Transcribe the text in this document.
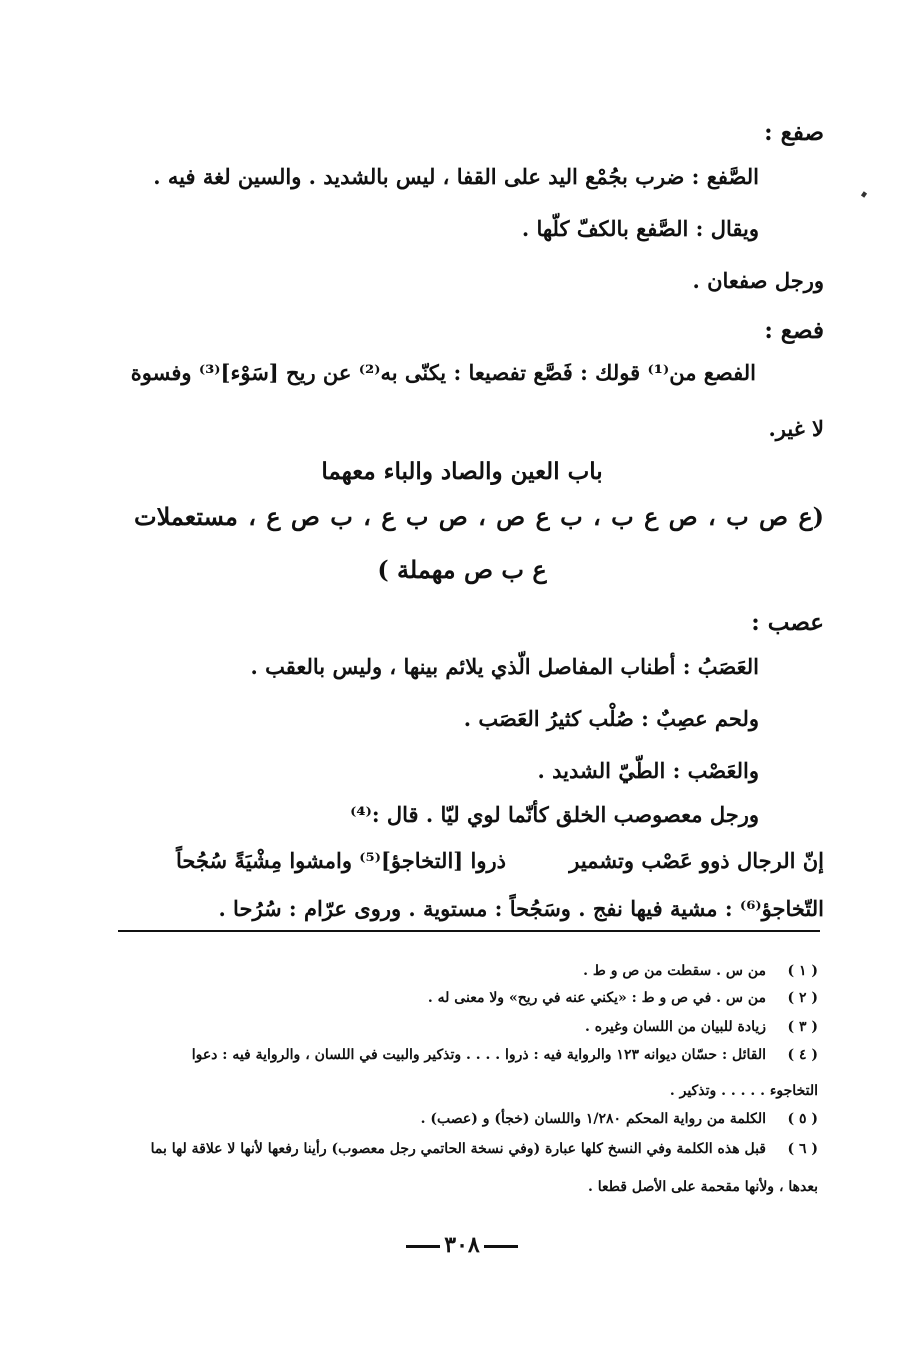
صفع :
الصَّفع : ضرب بجُمْع اليد على القفا ، ليس بالشديد . والسين لغة فيه .
ويقال : الصَّفع بالكفّ كلّها .
ورجل صفعان .
فصع :
الفصع من⁽¹⁾ قولك : فَصَّع تفصيعا : يكنّى به⁽²⁾ عن ريح [سَوْء]⁽³⁾ وفسوة
لا غير.
باب العين والصاد والباء معهما
(ع ص ب ، ص ع ب ، ب ع ص ، ص ب ع ، ب ص ع ، مستعملات
ع ب ص مهملة )
عصب :
العَصَبُ : أطناب المفاصل الّذي يلائم بينها ، وليس بالعقب .
ولحم عصِبٌ : صُلْب كثيرُ العَصَب .
والعَصْب : الطّيّ الشديد .
ورجل معصوصب الخلق كأنّما لوي ليّا . قال :⁽⁴⁾
إنّ الرجال ذوو عَصْب وتشمير
ذروا [التخاجؤ]⁽⁵⁾ وامشوا مِشْيَةً سُجُحاً
التّخاجؤ⁽⁶⁾ : مشية فيها نفج . وسَجُحاً : مستوية . وروى عرّام : سُرُحا .
( ١ )
من س . سقطت من ص و ط .
( ٢ )
من س . في ص و ط : «يكني عنه في ريح» ولا معنى له .
( ٣ )
زيادة للبيان من اللسان وغيره .
( ٤ )
القائل : حسّان ديوانه ١٢٣ والرواية فيه : ذروا . . . . وتذكير والبيت في اللسان ، والرواية فيه : دعوا
التخاجوء . . . . . وتذكير .
( ٥ )
الكلمة من رواية المحكم ١/٢٨٠ واللسان (خجأ) و (عصب) .
( ٦ )
قبل هذه الكلمة وفي النسخ كلها عبارة (وفي نسخة الحاتمي رجل معصوب) رأينا رفعها لأنها لا علاقة لها بما
بعدها ، ولأنها مقحمة على الأصل قطعا .
٣٠٨
